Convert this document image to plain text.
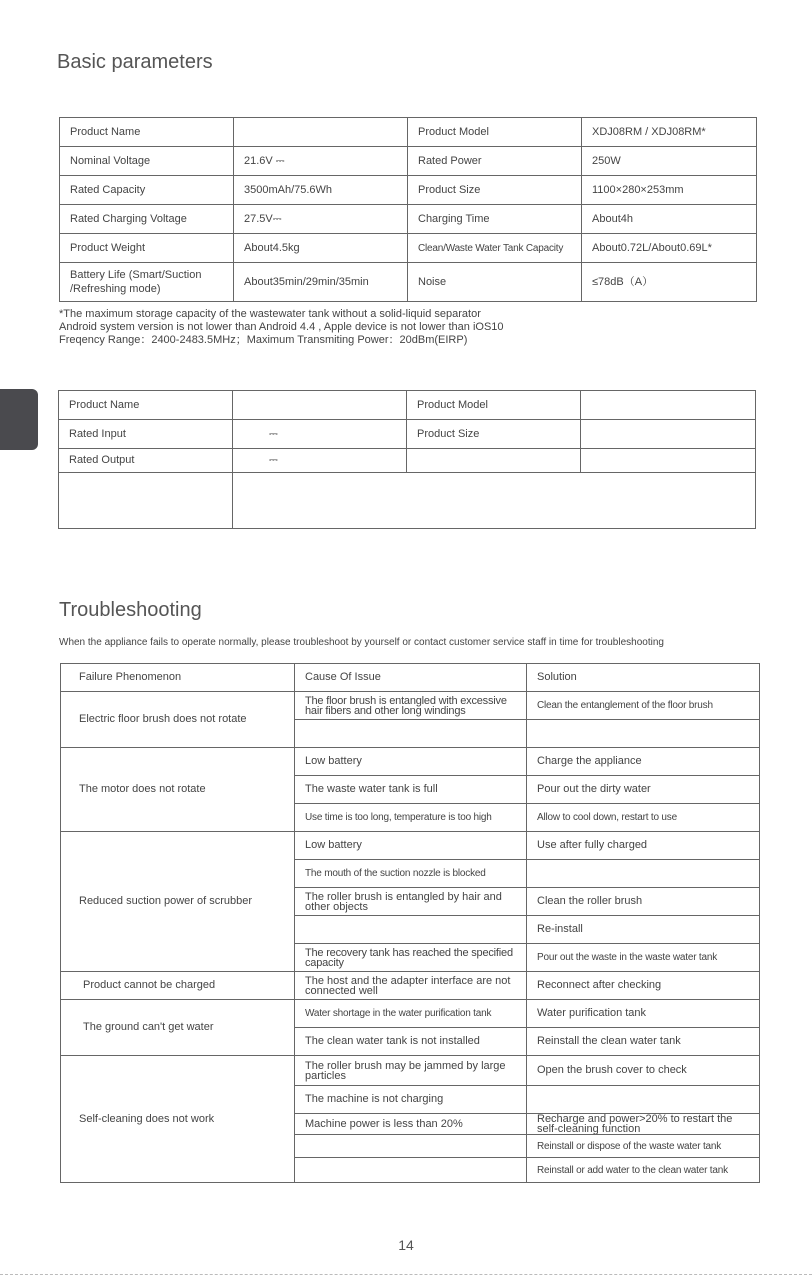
Basic parameters
Product Name		Product Model	XDJ08RM / XDJ08RM*
Nominal Voltage	21.6V ⎓	Rated Power	250W
Rated Capacity	3500mAh/75.6Wh	Product Size	1100×280×253mm
Rated Charging Voltage	27.5V⎓	Charging Time	About4h
Product Weight	About4.5kg	Clean/Waste Water Tank Capacity	About0.72L/About0.69L*
Battery Life (Smart/Suction /Refreshing mode)	About35min/29min/35min	Noise	≤78dB（A）
*The maximum storage capacity of the wastewater tank without a solid-liquid separator
Android system version is not lower than Android 4.4 , Apple device is not lower than iOS10
Freqency Range：2400-2483.5MHz；Maximum Transmiting Power：20dBm(EIRP)
Product Name		Product Model	
Rated Input	⎓	Product Size	
Rated Output	⎓		

Troubleshooting
When the appliance fails to operate normally, please troubleshoot by yourself or contact customer service staff in time for troubleshooting
Failure Phenomenon	Cause Of Issue	Solution
Electric floor brush does not rotate	The floor brush is entangled with excessive hair fibers and other long windings	Clean the entanglement of the floor brush

The motor does not rotate	Low battery	Charge the appliance
	The waste water tank is full	Pour out the dirty water
	Use time is too long, temperature is too high	Allow to cool down, restart to use
Reduced suction power of scrubber	Low battery	Use after fully charged
	The mouth of the suction nozzle is blocked	
	The roller brush is entangled by hair and other objects	Clean the roller brush
		Re-install
	The recovery tank has reached the specified capacity	Pour out the waste in the waste water tank
Product cannot be charged	The host and the adapter interface are not connected well	Reconnect after checking
The ground can't get water	Water shortage in the water purification tank	Water purification tank
	The clean water tank is not installed	Reinstall the clean water tank
Self-cleaning does not work	The roller brush may be jammed by large particles	Open the brush cover to check
	The machine is not charging	
	Machine power is less than 20%	Recharge and power>20% to restart the self-cleaning function
		Reinstall or dispose of the waste water tank
		Reinstall or add water to the clean water tank
14
